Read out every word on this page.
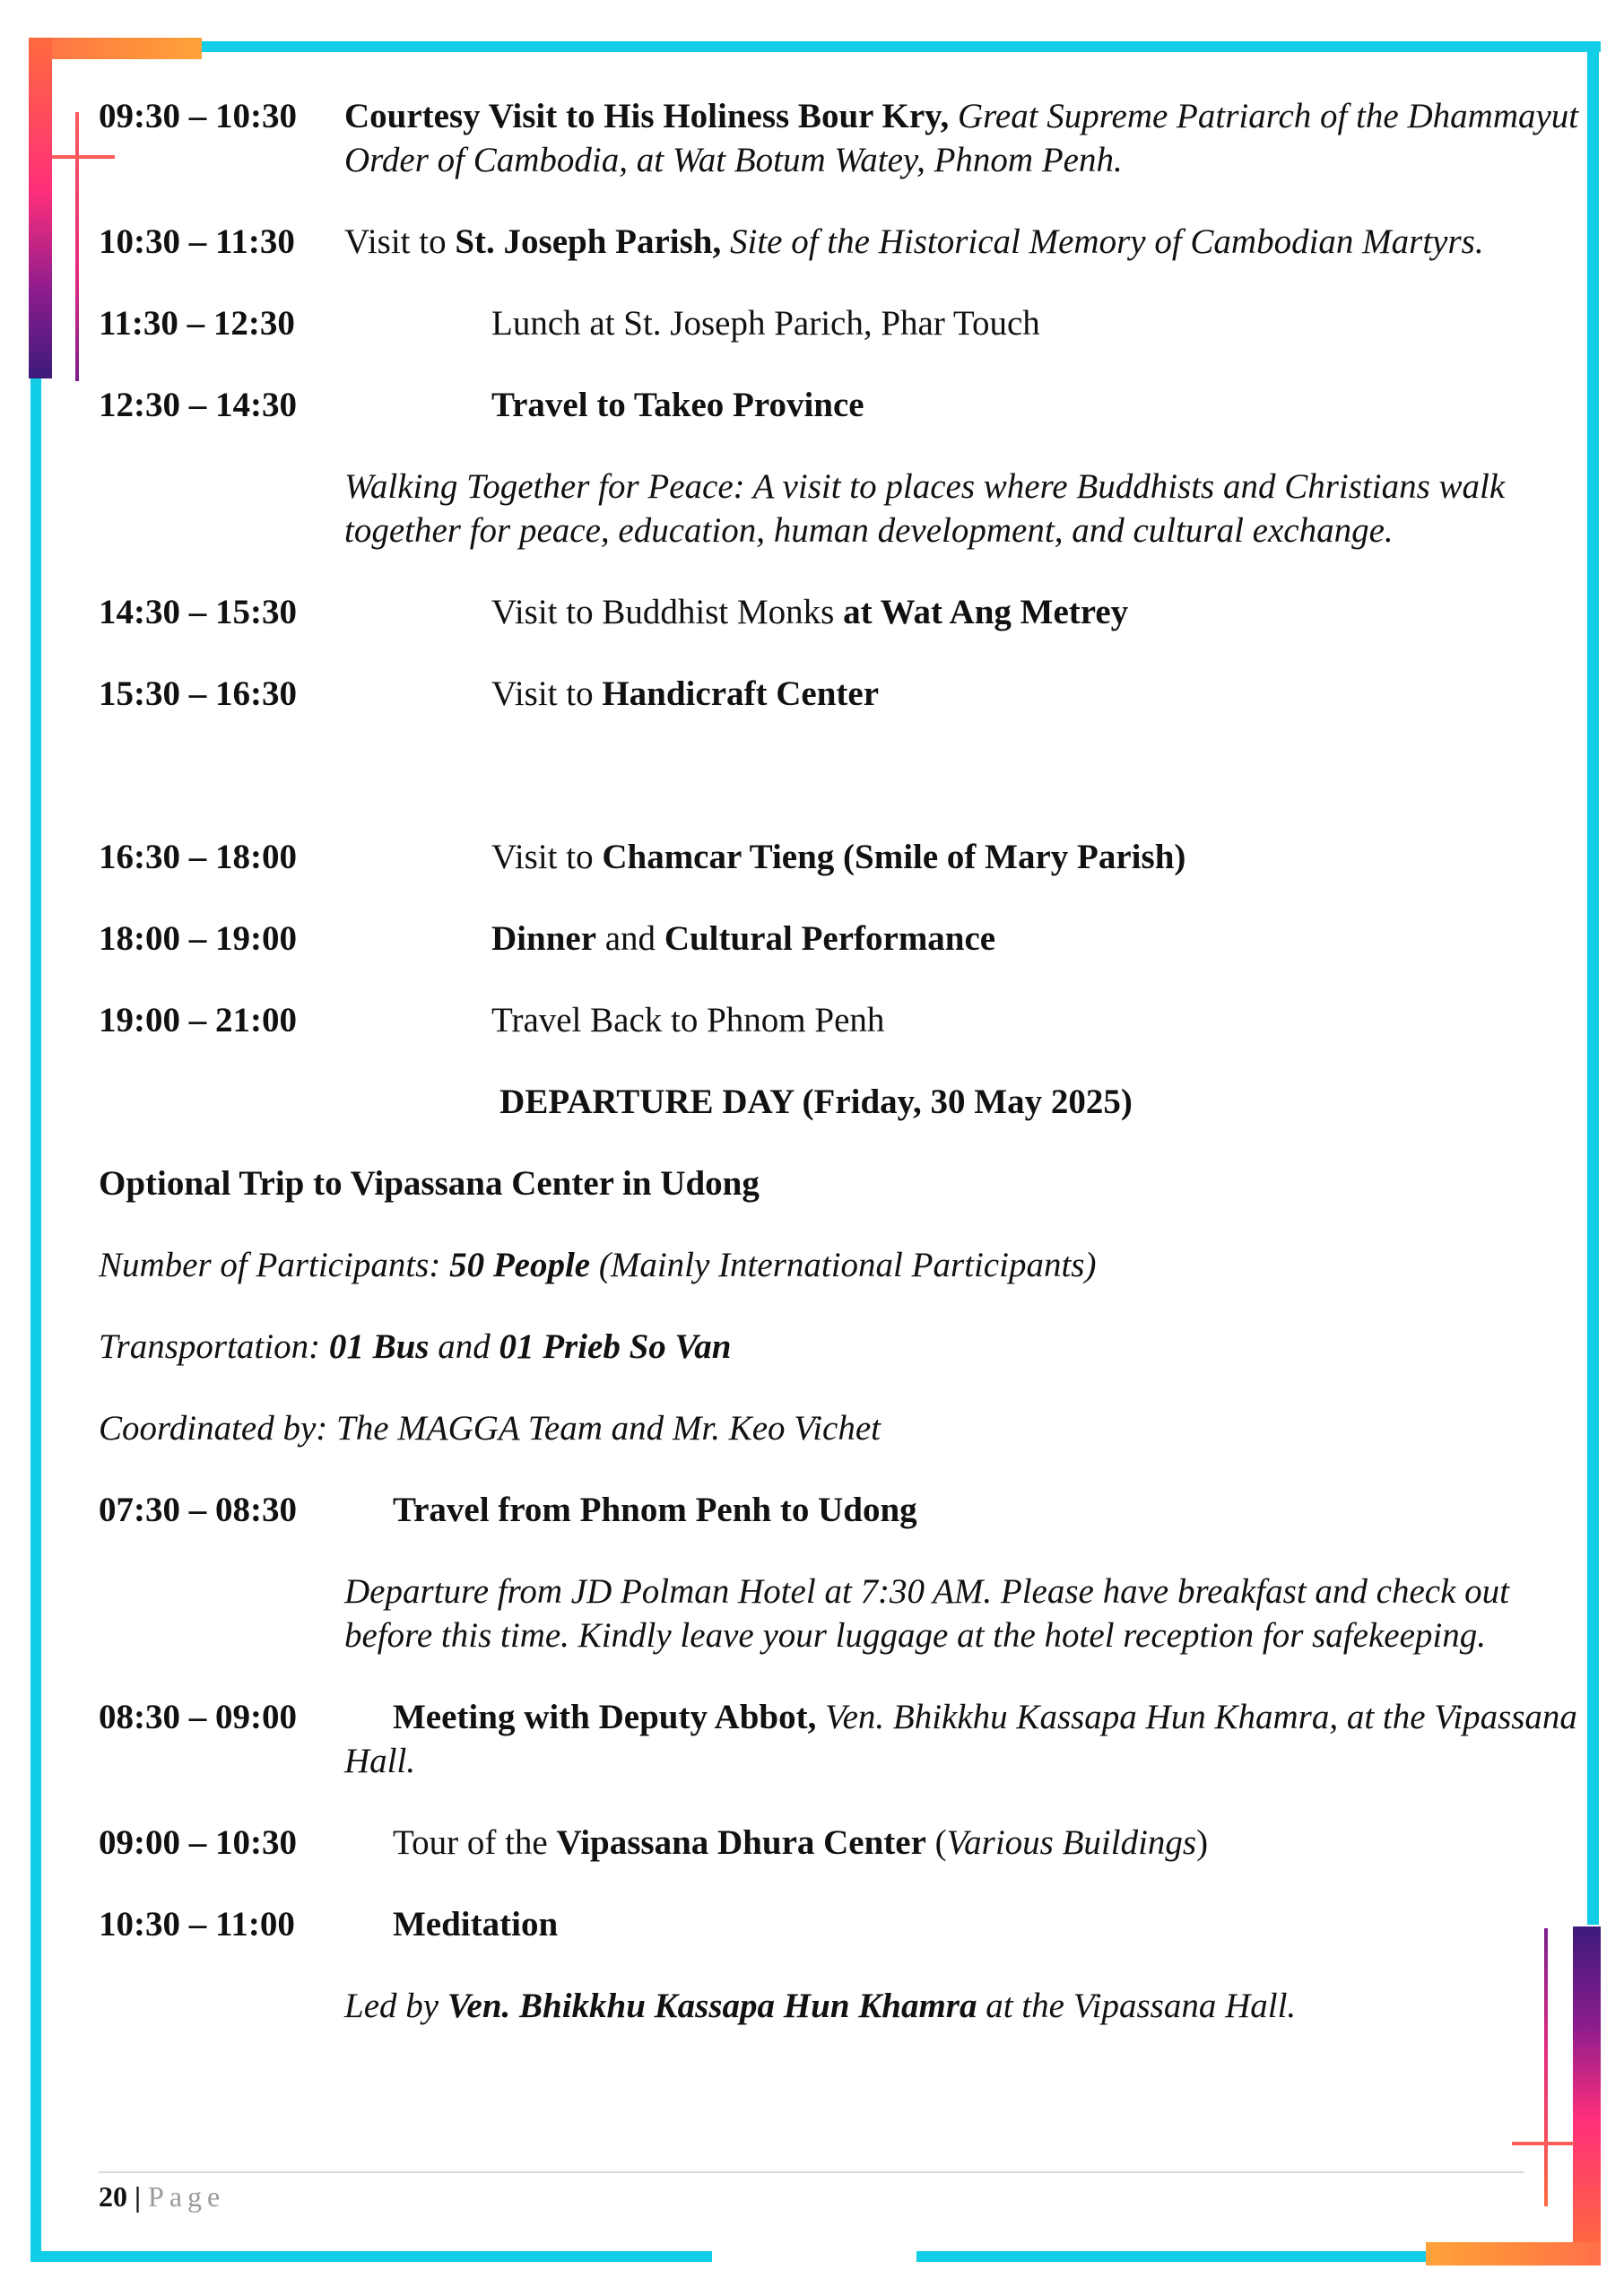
09:30 – 10:30 Courtesy Visit to His Holiness Bour Kry, Great Supreme Patriarch of the Dhammayut Order of Cambodia, at Wat Botum Watey, Phnom Penh.
10:30 – 11:30 Visit to St. Joseph Parish, Site of the Historical Memory of Cambodian Martyrs.
11:30 – 12:30	Lunch at St. Joseph Parich, Phar Touch
12:30 – 14:30	Travel to Takeo Province
Walking Together for Peace: A visit to places where Buddhists and Christians walk together for peace, education, human development, and cultural exchange.
14:30 – 15:30	Visit to Buddhist Monks at Wat Ang Metrey
15:30 – 16:30	Visit to Handicraft Center
16:30 – 18:00	Visit to Chamcar Tieng (Smile of Mary Parish)
18:00 – 19:00	Dinner and Cultural Performance
19:00 – 21:00	Travel Back to Phnom Penh
DEPARTURE DAY (Friday, 30 May 2025)
Optional Trip to Vipassana Center in Udong
Number of Participants: 50 People (Mainly International Participants)
Transportation: 01 Bus and 01 Prieb So Van
Coordinated by: The MAGGA Team and Mr. Keo Vichet
07:30 – 08:30	Travel from Phnom Penh to Udong
Departure from JD Polman Hotel at 7:30 AM. Please have breakfast and check out before this time. Kindly leave your luggage at the hotel reception for safekeeping.
08:30 – 09:00	Meeting with Deputy Abbot, Ven. Bhikkhu Kassapa Hun Khamra, at the Vipassana Hall.
09:00 – 10:30	Tour of the Vipassana Dhura Center (Various Buildings)
10:30 – 11:00	Meditation
Led by Ven. Bhikkhu Kassapa Hun Khamra at the Vipassana Hall.
20 | Page
